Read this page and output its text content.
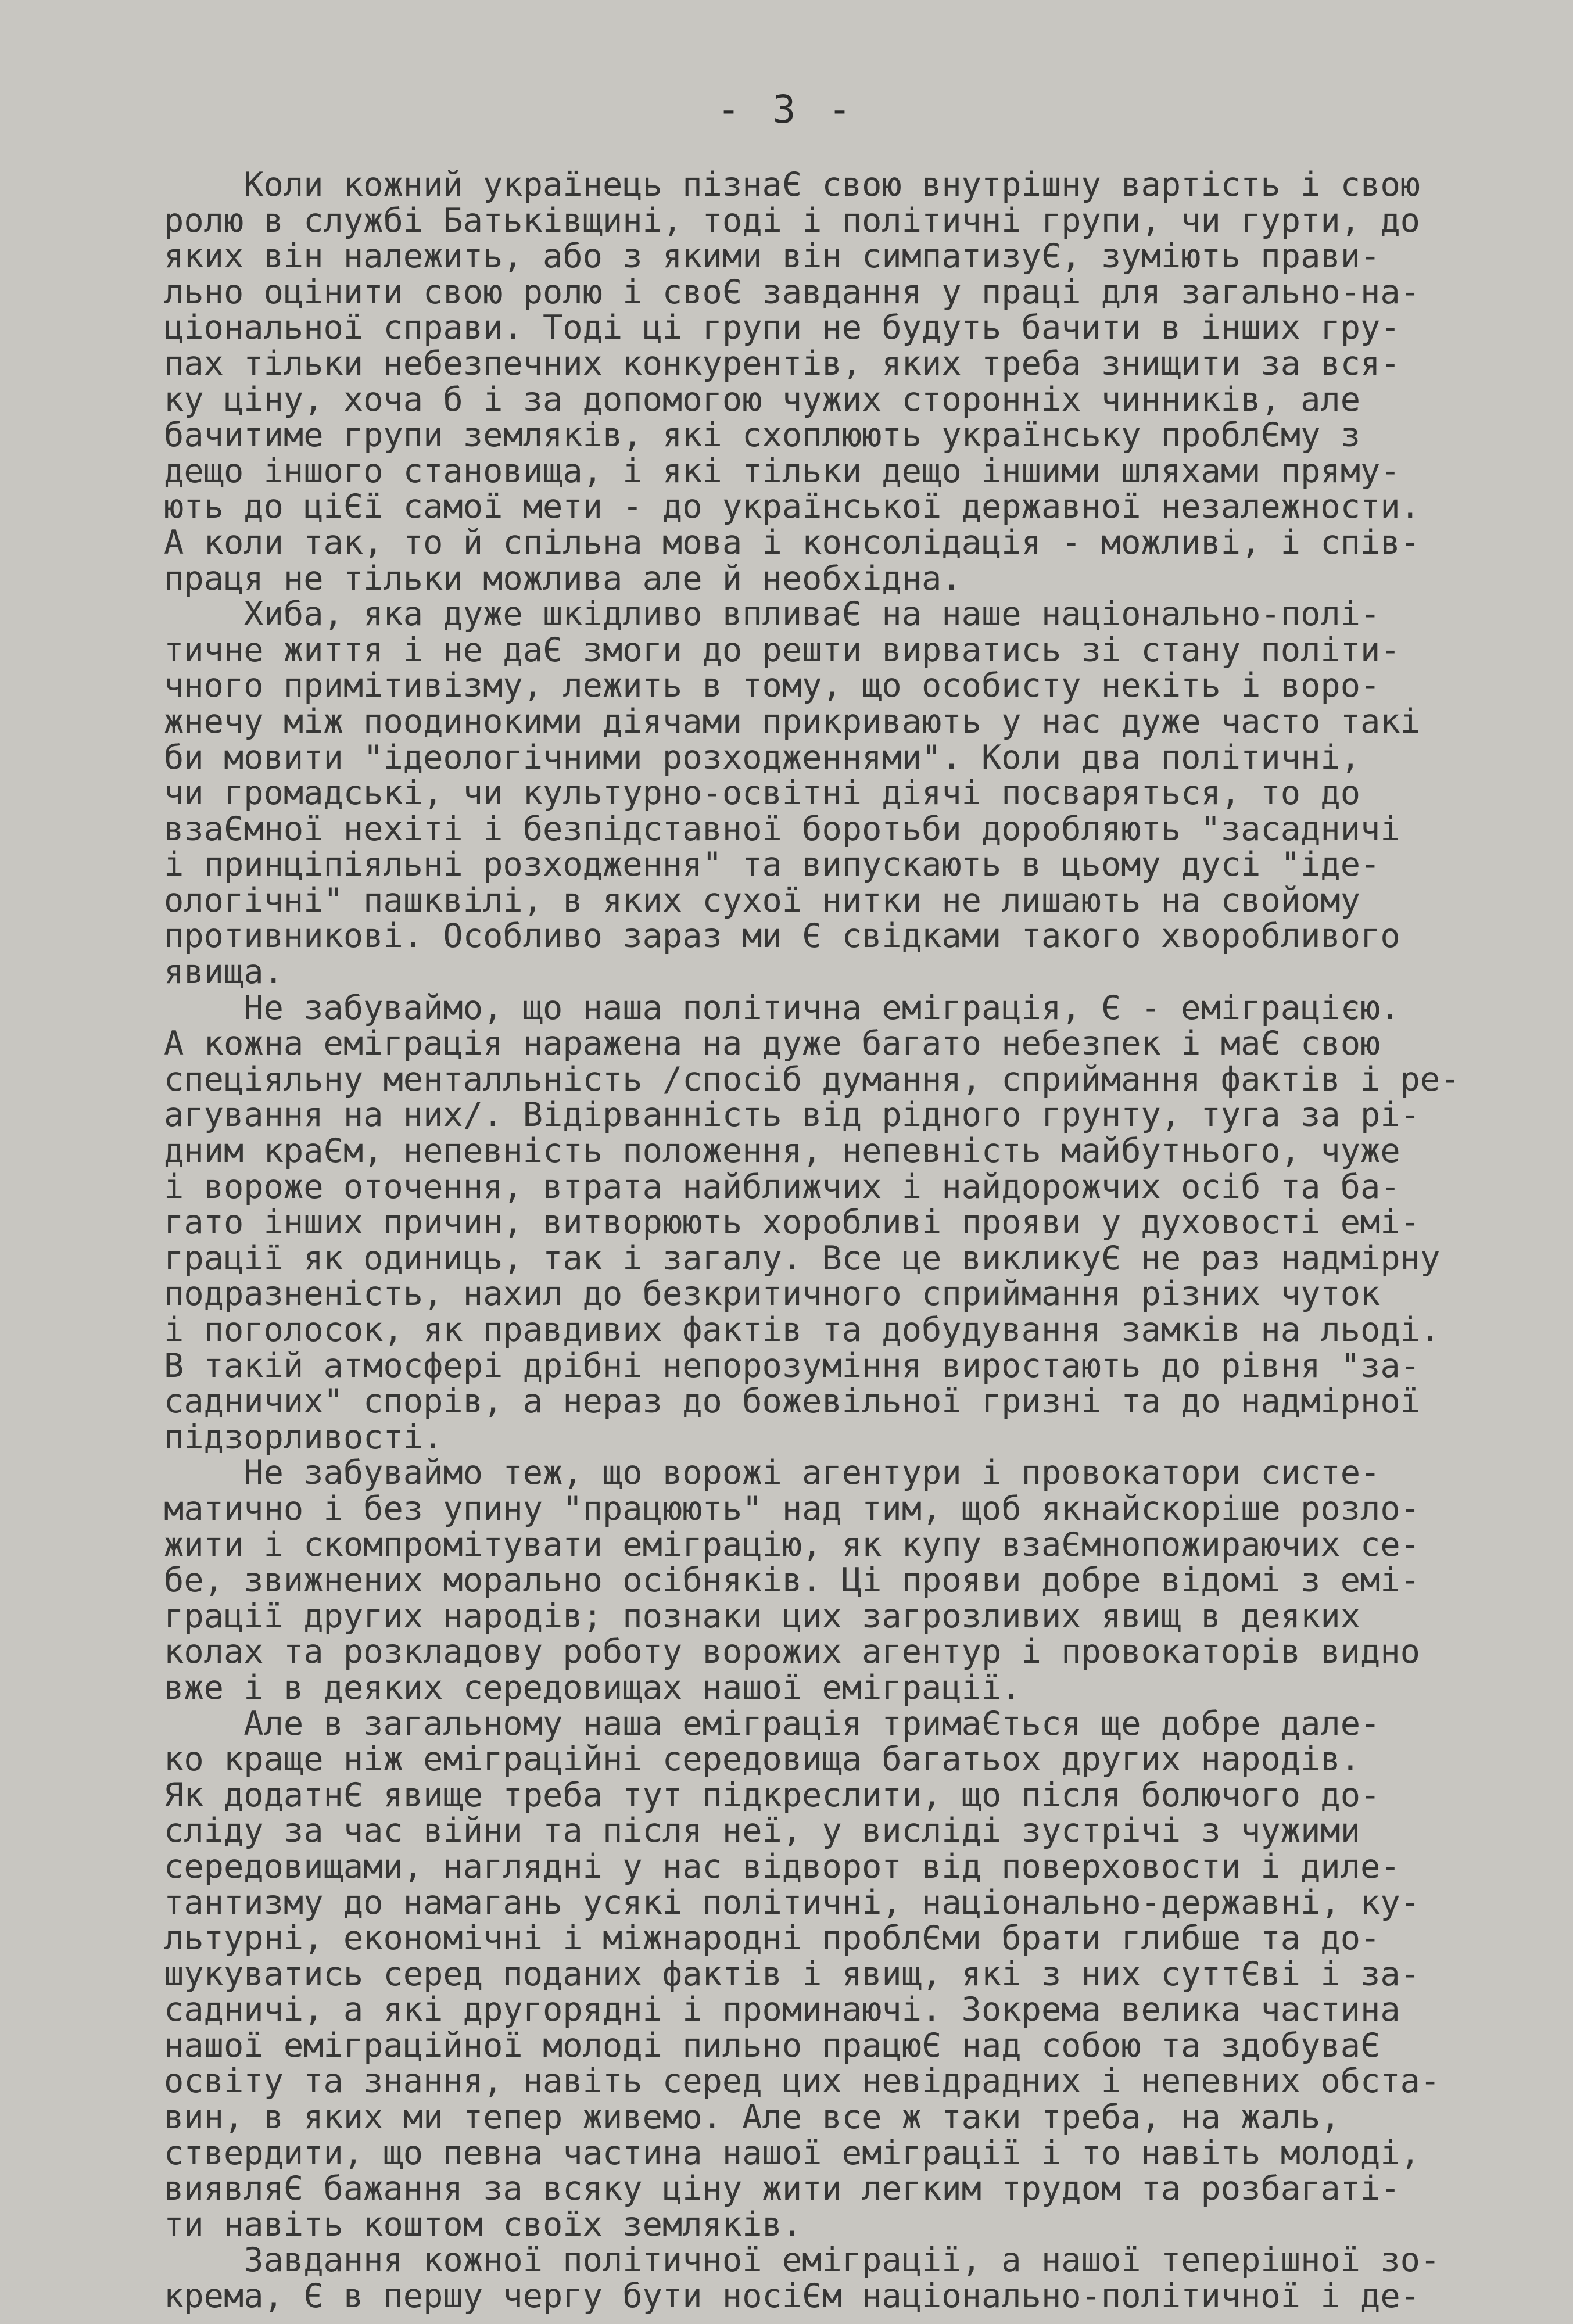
- 3 -
Коли кожний українець пізнаЄ свою внутрішну вартість і свою
ролю в службі Батьківщині, тоді і політичні групи, чи гурти, до
яких він належить, або з якими він симпатизуЄ, зуміють прави-
льно оцінити свою ролю і своЄ завдання у праці для загально-на-
ціональної справи. Тоді ці групи не будуть бачити в інших гру-
пах тільки небезпечних конкурентів, яких треба знищити за вся-
ку ціну, хоча б і за допомогою чужих сторонніх чинників, але
бачитиме групи земляків, які схоплюють українську проблЄму з
дещо іншого становища, і які тільки дещо іншими шляхами пряму-
ють до ціЄї самої мети - до української державної незалежности.
А коли так, то й спільна мова і консолідація - можливі, і спів-
праця не тільки можлива але й необхідна.
Хиба, яка дуже шкідливо впливаЄ на наше національно-полі-
тичне життя і не даЄ змоги до решти вирватись зі стану політи-
чного примітивізму, лежить в тому, що особисту некіть і воро-
жнечу між поодинокими діячами прикривають у нас дуже часто такі
би мовити "ідеологічними розходженнями". Коли два політичні,
чи громадські, чи культурно-освітні діячі посваряться, то до
взаЄмної нехіті і безпідставної боротьби доробляють "засадничі
і принціпіяльні розходження" та випускають в цьому дусі "іде-
ологічні" пашквілі, в яких сухої нитки не лишають на свойому
противникові. Особливо зараз ми Є свідками такого хворобливого
явища.
Не забуваймо, що наша політична еміграція, Є - еміграцією.
А кожна еміграція наражена на дуже багато небезпек і маЄ свою
спеціяльну менталльність /спосіб думання, сприймання фактів і ре-
агування на них/. Відірванність від рідного грунту, туга за рі-
дним краЄм, непевність положення, непевність майбутнього, чуже
і вороже оточення, втрата найближчих і найдорожчих осіб та ба-
гато інших причин, витворюють хоробливі прояви у духовості емі-
грації як одиниць, так і загалу. Все це викликуЄ не раз надмірну
подразненість, нахил до безкритичного сприймання різних чуток
і поголосок, як правдивих фактів та добудування замків на льоді.
В такій атмосфері дрібні непорозуміння виростають до рівня "за-
садничих" спорів, а нераз до божевільної гризні та до надмірної
підзорливості.
Не забуваймо теж, що ворожі агентури і провокатори систе-
матично і без упину "працюють" над тим, щоб якнайскоріше розло-
жити і скомпромітувати еміграцію, як купу взаЄмнопожираючих се-
бе, звижнених морально осібняків. Ці прояви добре відомі з емі-
грації других народів; познаки цих загрозливих явищ в деяких
колах та розкладову роботу ворожих агентур і провокаторів видно
вже і в деяких середовищах нашої еміграції.
Але в загальному наша еміграція тримаЄться ще добре дале-
ко краще ніж еміграційні середовища багатьох других народів.
Як додатнЄ явище треба тут підкреслити, що після болючого до-
сліду за час війни та після неї, у висліді зустрічі з чужими
середовищами, наглядні у нас відворот від поверховости і диле-
тантизму до намагань усякі політичні, національно-державні, ку-
льтурні, економічні і міжнародні проблЄми брати глибше та до-
шукуватись серед поданих фактів і явищ, які з них суттЄві і за-
садничі, а які другорядні і проминаючі. Зокрема велика частина
нашої еміграційної молоді пильно працюЄ над собою та здобуваЄ
освіту та знання, навіть серед цих невідрадних і непевних обста-
вин, в яких ми тепер живемо. Але все ж таки треба, на жаль,
ствердити, що певна частина нашої еміграції і то навіть молоді,
виявляЄ бажання за всяку ціну жити легким трудом та розбагаті-
ти навіть коштом своїх земляків.
Завдання кожної політичної еміграції, а нашої теперішної зо-
крема, Є в першу чергу бути носіЄм національно-політичної і де-
